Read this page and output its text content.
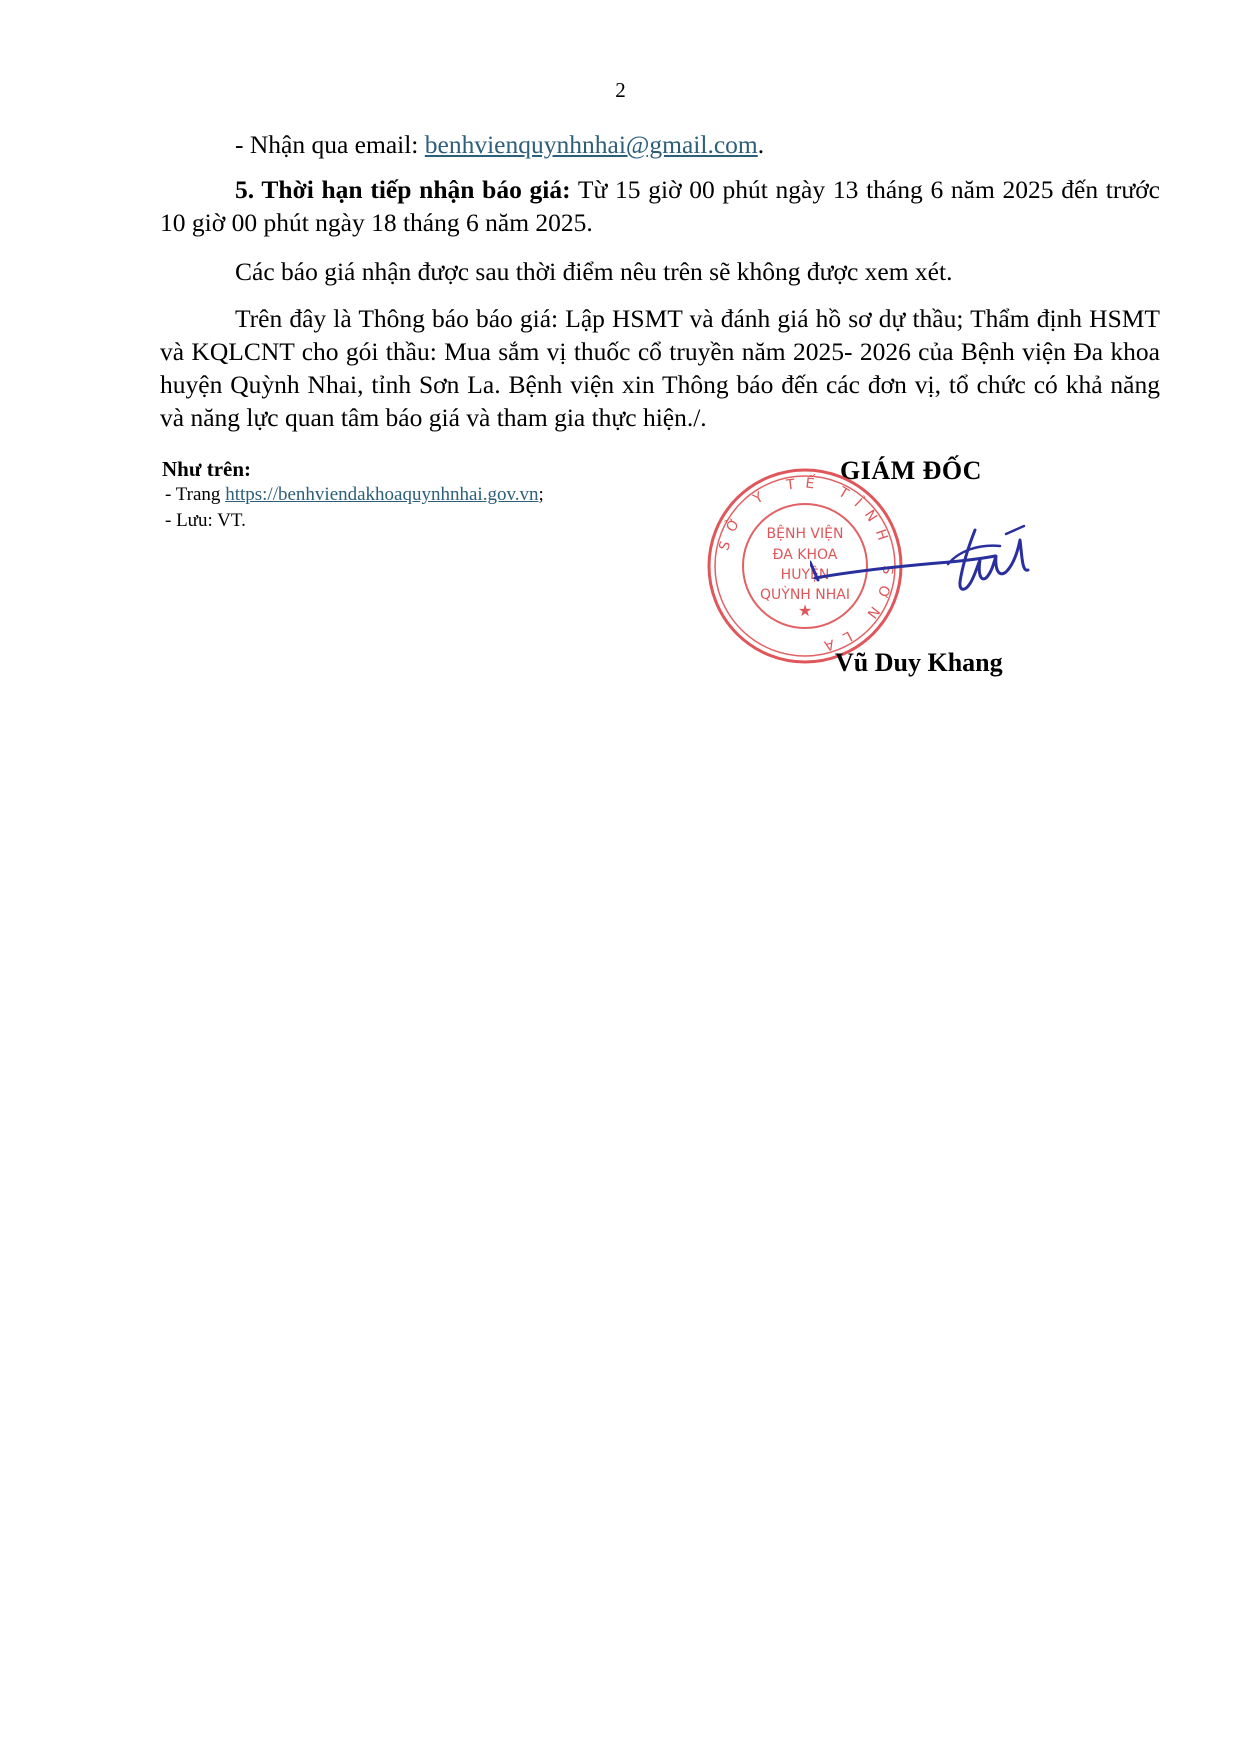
2

- Nhận qua email: benhvienquynhnhai@gmail.com.

5. Thời hạn tiếp nhận báo giá: Từ 15 giờ 00 phút ngày 13 tháng 6 năm 2025 đến trước 10 giờ 00 phút ngày 18 tháng 6 năm 2025.

Các báo giá nhận được sau thời điểm nêu trên sẽ không được xem xét.

Trên đây là Thông báo báo giá: Lập HSMT và đánh giá hồ sơ dự thầu; Thẩm định HSMT và KQLCNT cho gói thầu: Mua sắm vị thuốc cổ truyền năm 2025- 2026 của Bệnh viện Đa khoa huyện Quỳnh Nhai, tỉnh Sơn La. Bệnh viện xin Thông báo đến các đơn vị, tổ chức có khả năng và năng lực quan tâm báo giá và tham gia thực hiện./.

Như trên:
- Trang https://benhviendakhoaquynhnhai.gov.vn;
- Lưu: VT.
GIÁM ĐỐC
SỞ Y TẾ TỈNH SƠN LA
★
BỆNH VIỆN
ĐA KHOA
HUYỆN
QUỲNH NHAI
Vũ Duy Khang
